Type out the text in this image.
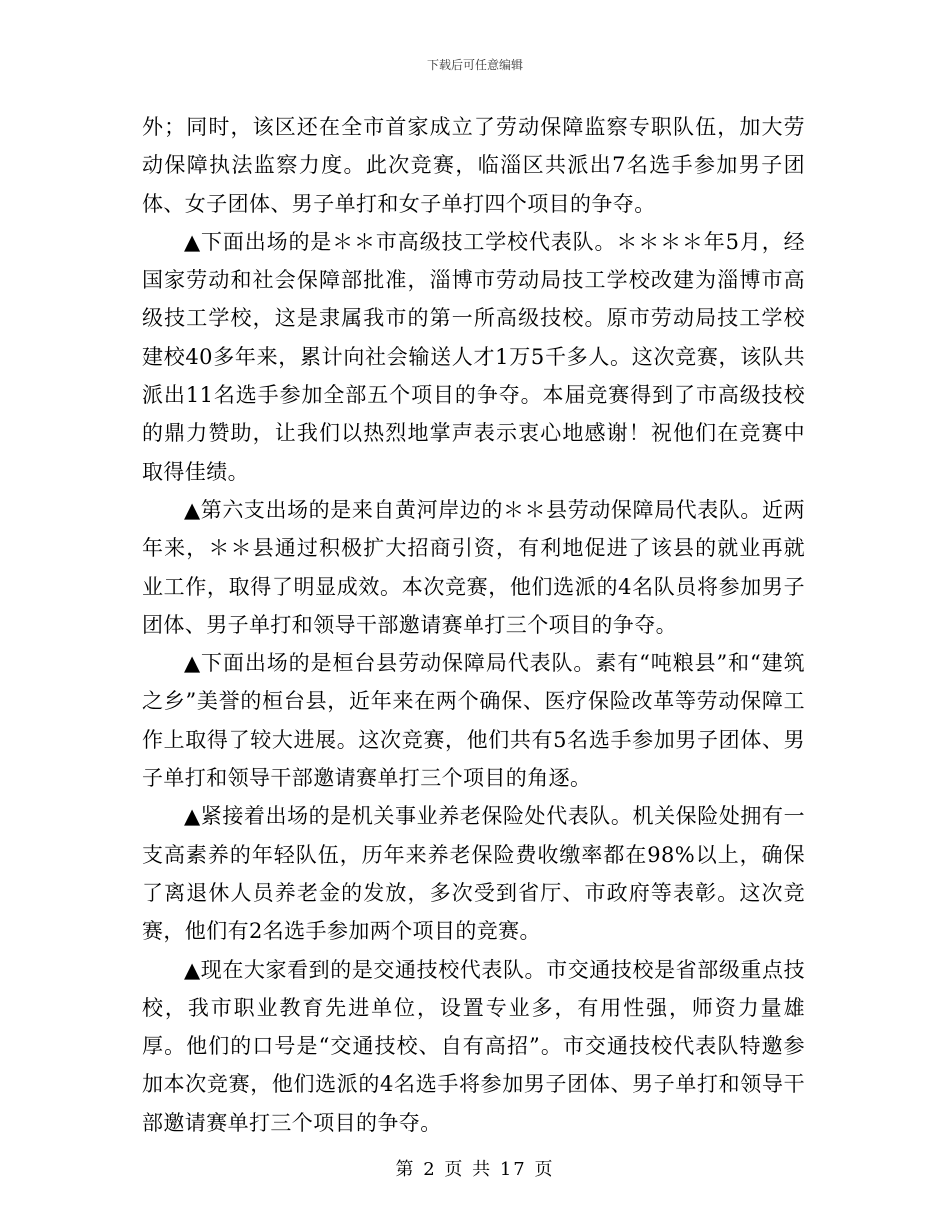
下载后可任意编辑

外；同时，该区还在全市首家成立了劳动保障监察专职队伍，加大劳动保障执法监察力度。此次竞赛，临淄区共派出7名选手参加男子团体、女子团体、男子单打和女子单打四个项目的争夺。

▲下面出场的是＊＊市高级技工学校代表队。＊＊＊＊年5月，经国家劳动和社会保障部批准，淄博市劳动局技工学校改建为淄博市高级技工学校，这是隶属我市的第一所高级技校。原市劳动局技工学校建校40多年来，累计向社会输送人才1万5千多人。这次竞赛，该队共派出11名选手参加全部五个项目的争夺。本届竞赛得到了市高级技校的鼎力赞助，让我们以热烈地掌声表示衷心地感谢！祝他们在竞赛中取得佳绩。

▲第六支出场的是来自黄河岸边的＊＊县劳动保障局代表队。近两年来，＊＊县通过积极扩大招商引资，有利地促进了该县的就业再就业工作，取得了明显成效。本次竞赛，他们选派的4名队员将参加男子团体、男子单打和领导干部邀请赛单打三个项目的争夺。

▲下面出场的是桓台县劳动保障局代表队。素有“吨粮县”和“建筑之乡”美誉的桓台县，近年来在两个确保、医疗保险改革等劳动保障工作上取得了较大进展。这次竞赛，他们共有5名选手参加男子团体、男子单打和领导干部邀请赛单打三个项目的角逐。

▲紧接着出场的是机关事业养老保险处代表队。机关保险处拥有一支高素养的年轻队伍，历年来养老保险费收缴率都在98%以上，确保了离退休人员养老金的发放，多次受到省厅、市政府等表彰。这次竞赛，他们有2名选手参加两个项目的竞赛。

▲现在大家看到的是交通技校代表队。市交通技校是省部级重点技校，我市职业教育先进单位，设置专业多，有用性强，师资力量雄厚。他们的口号是“交通技校、自有高招”。市交通技校代表队特邀参加本次竞赛，他们选派的4名选手将参加男子团体、男子单打和领导干部邀请赛单打三个项目的争夺。

第 2 页 共 17 页
